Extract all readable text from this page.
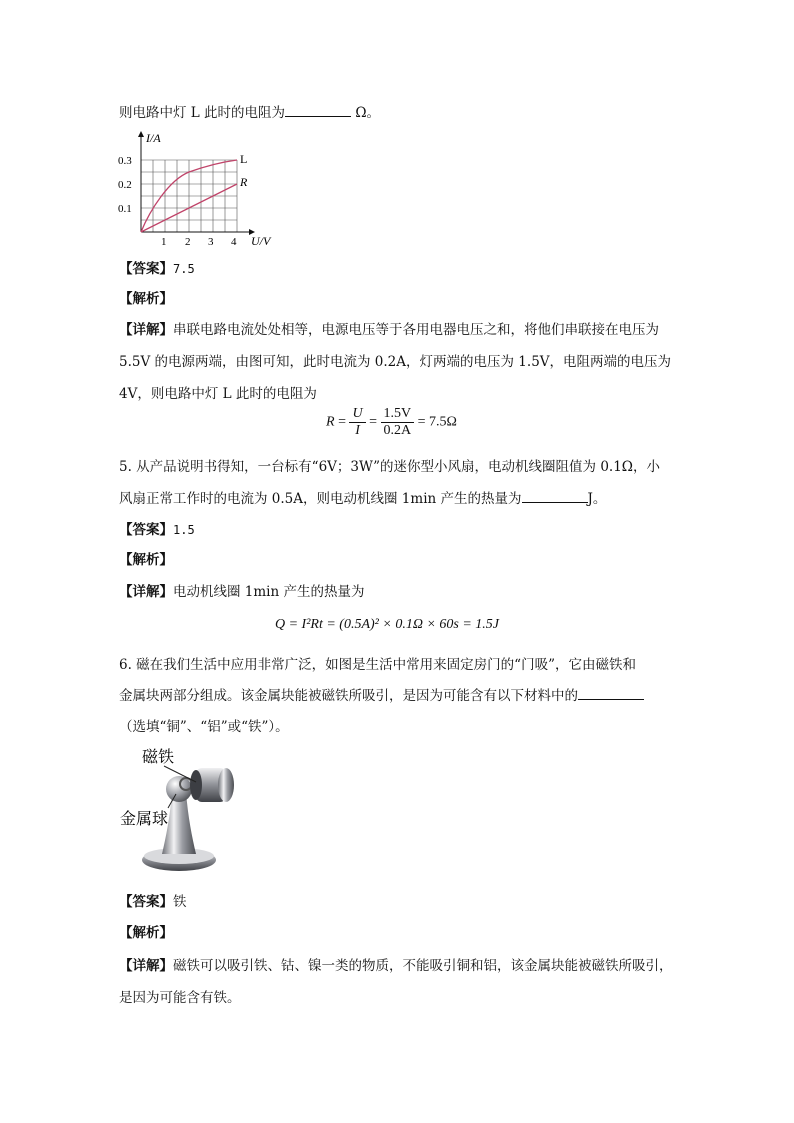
则电路中灯 L 此时的电阻为	Ω。
I/A
0.3
0.2
0.1
1 2 3 4 U/V
L
R
【答案】7.5
【解析】
【详解】串联电路电流处处相等，电源电压等于各用电器电压之和，将他们串联接在电压为
5.5V 的电源两端，由图可知，此时电流为 0.2A，灯两端的电压为 1.5V，电阻两端的电压为
4V，则电路中灯 L 此时的电阻为
$R = \frac{U}{I} = \frac{1.5V}{0.2A} = 7.5\Omega$
5. 从产品说明书得知，一台标有“6V；3W”的迷你型小风扇，电动机线圈阻值为 0.1Ω，小
风扇正常工作时的电流为 0.5A，则电动机线圈 1min 产生的热量为	J。
【答案】1.5
【解析】
【详解】电动机线圈 1min 产生的热量为
Q = I²Rt = (0.5A)² × 0.1Ω × 60s = 1.5J
6. 磁在我们生活中应用非常广泛，如图是生活中常用来固定房门的“门吸”，它由磁铁和
金属块两部分组成。该金属块能被磁铁所吸引，是因为可能含有以下材料中的
（选填“铜”、“铝”或“铁”）。
磁铁
金属球
【答案】铁
【解析】
【详解】磁铁可以吸引铁、钴、镍一类的物质，不能吸引铜和铝，该金属块能被磁铁所吸引，
是因为可能含有铁。
